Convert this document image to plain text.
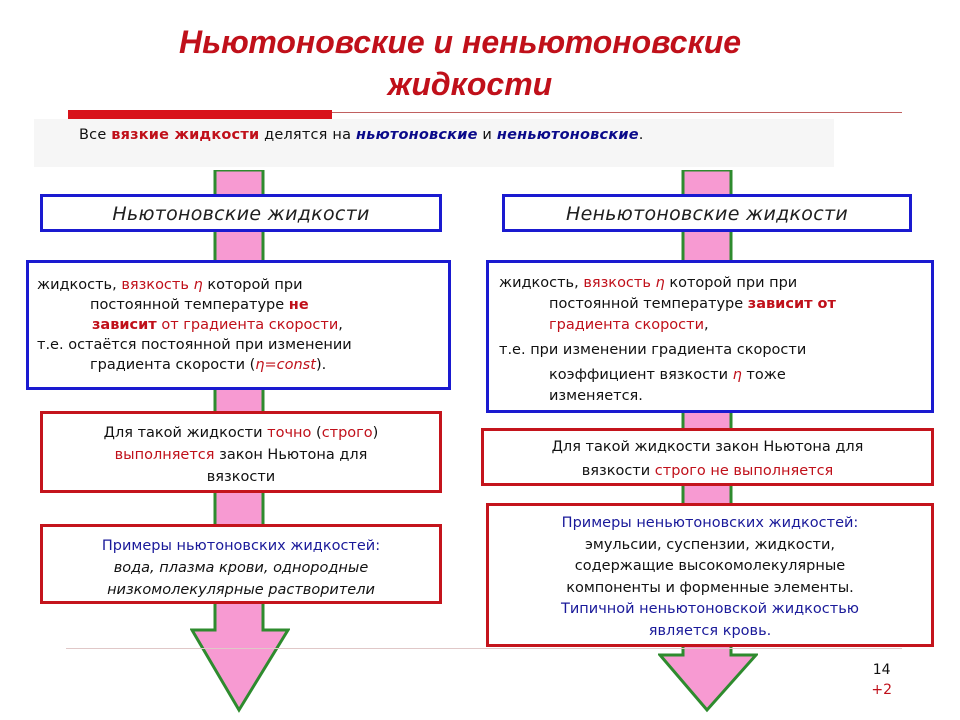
Ньютоновские и неньютоновские
жидкости
Все вязкие жидкости делятся на ньютоновские и неньютоновские.
Ньютоновские жидкости
жидкость, вязкость η которой при
постоянной температуре не
зависит от градиента скорости,
т.е. остаётся постоянной при изменении
градиента скорости (η=const).
Для такой жидкости точно (строго)
выполняется закон Ньютона для
вязкости
Примеры ньютоновских жидкостей:
вода, плазма крови, однородные
низкомолекулярные растворители
Неньютоновские жидкости
жидкость, вязкость η которой при при
постоянной температуре зависит от
градиента скорости,
т.е. при изменении градиента скорости
коэффициент вязкости η тоже
изменяется.
Для такой жидкости закон Ньютона для
вязкости строго не выполняется
Примеры неньютоновских жидкостей:
эмульсии, суспензии, жидкости,
содержащие высокомолекулярные
компоненты и форменные элементы.
Типичной неньютоновской жидкостью
является кровь.
14
+2
